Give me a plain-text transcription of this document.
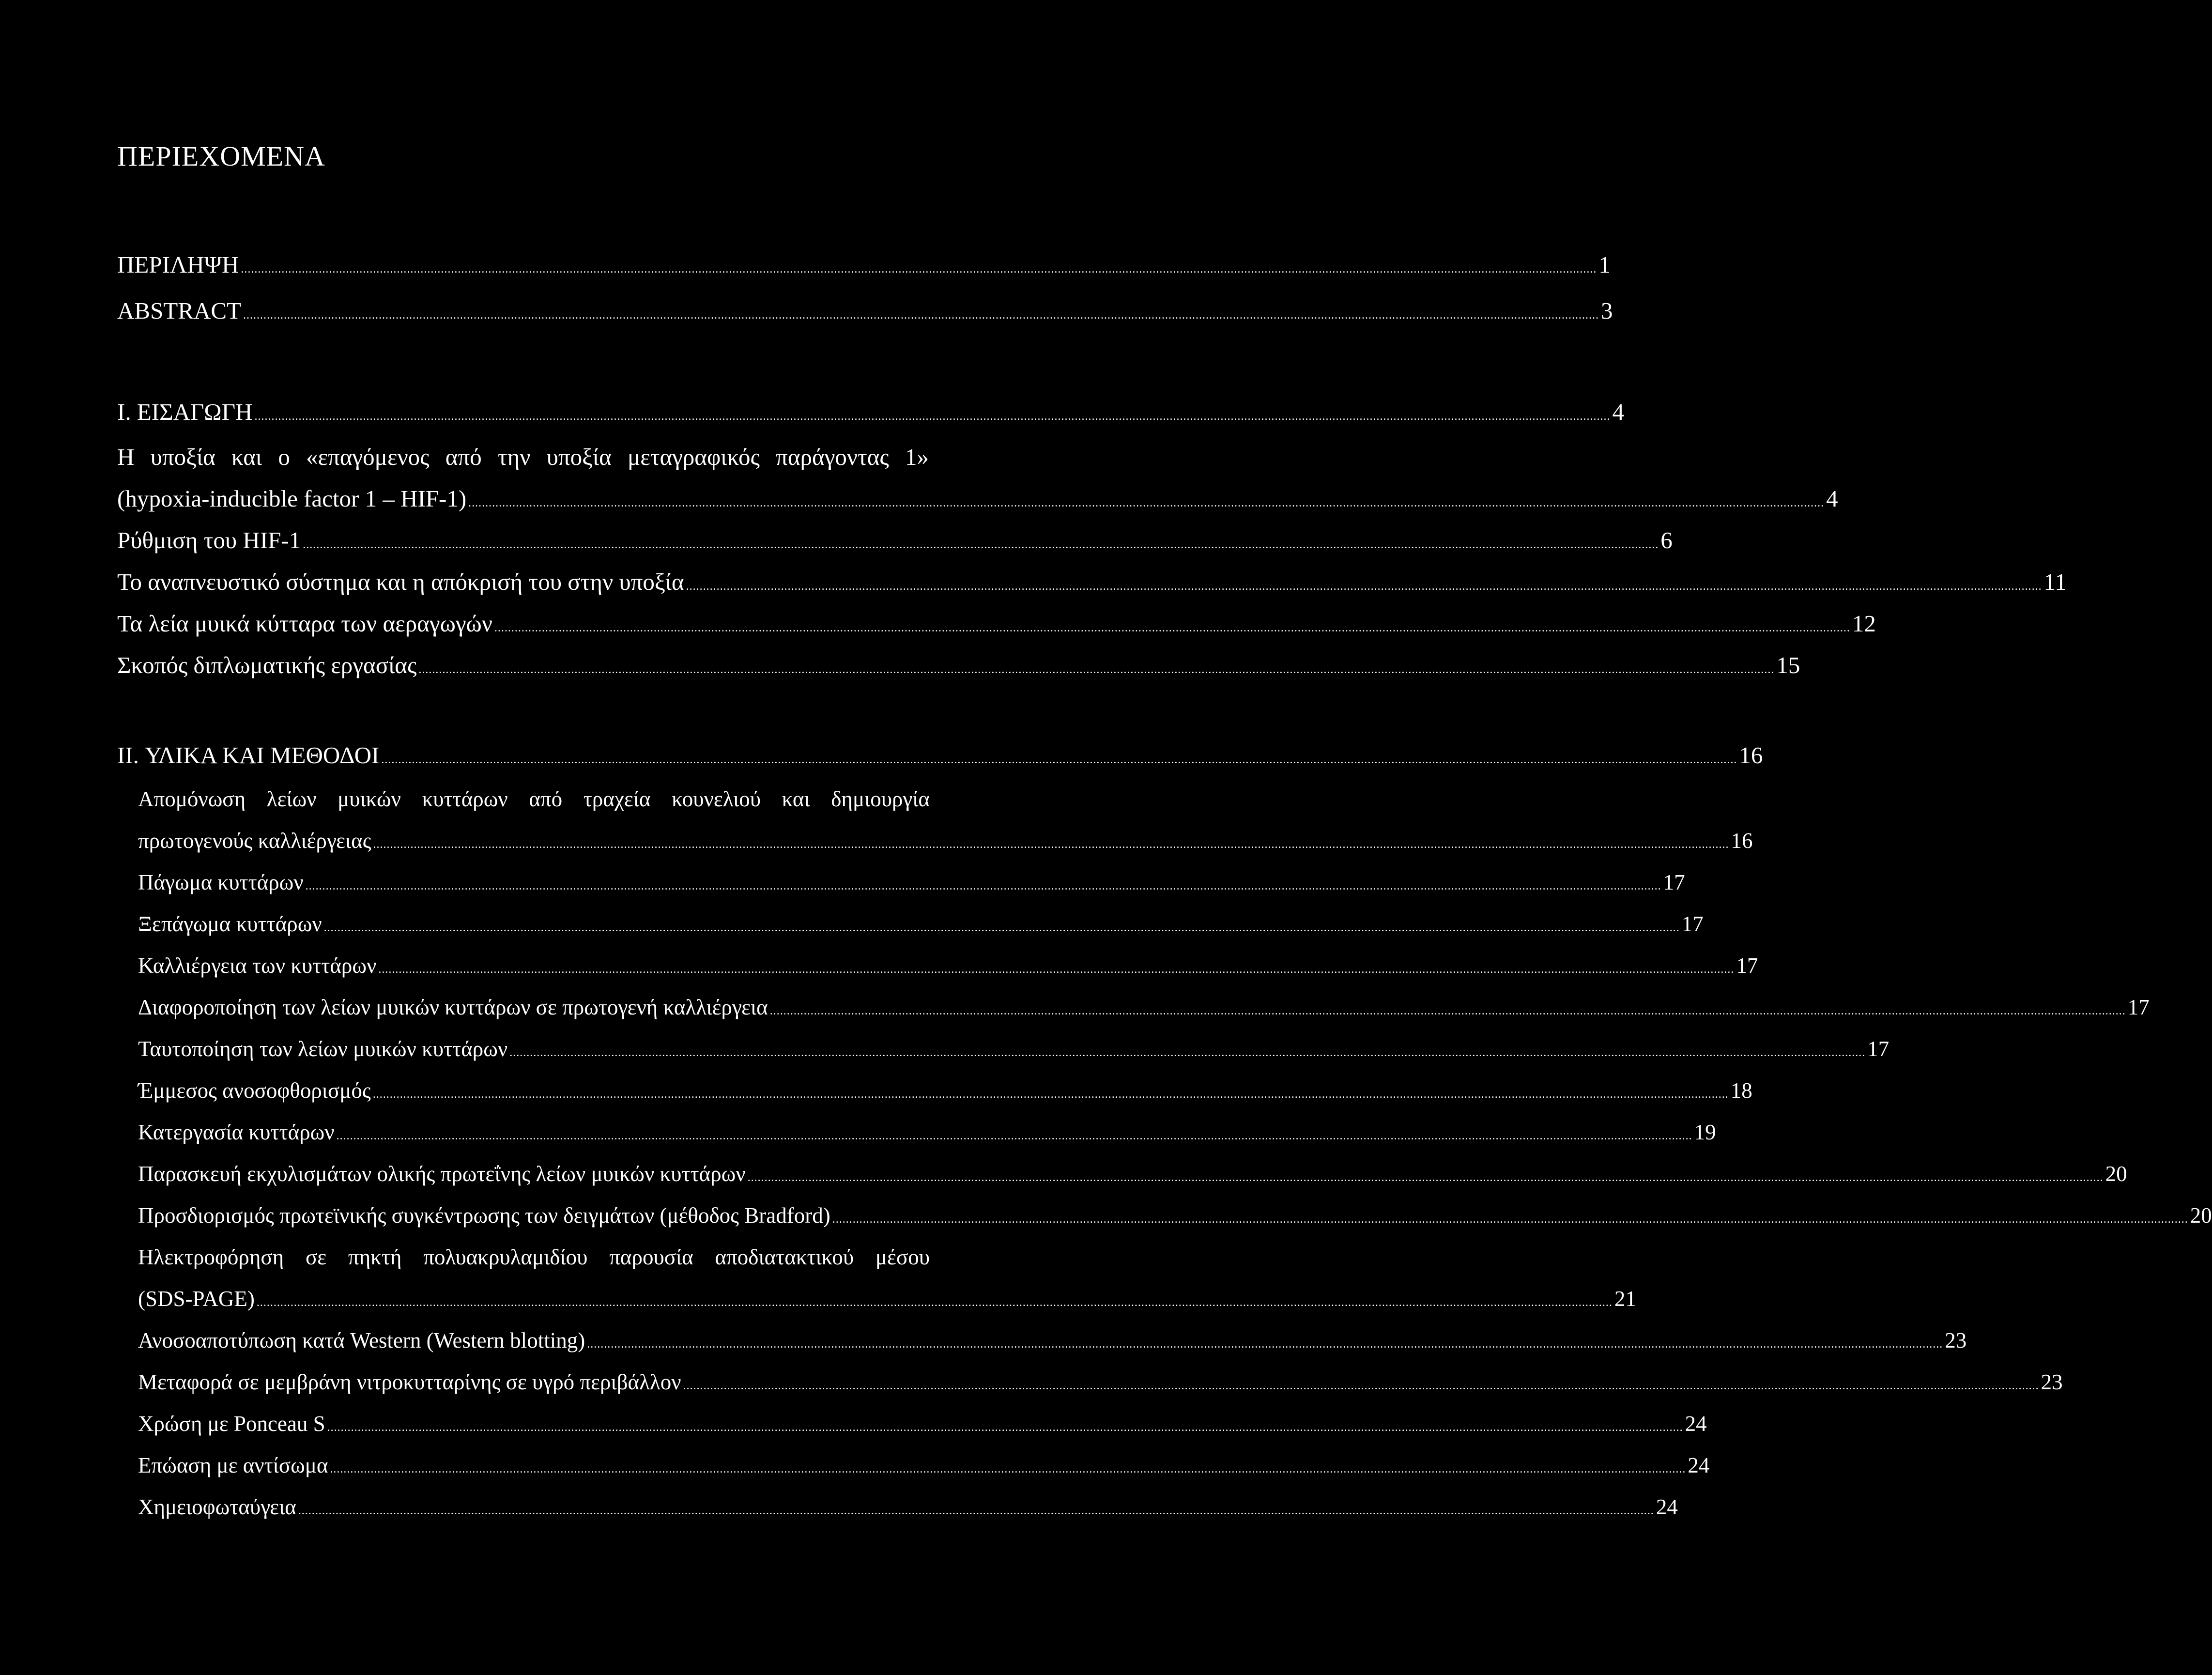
ΠΕΡΙΕΧΟΜΕΝΑ
ΠΕΡΙΛΗΨΗ ................................................................................................................................................................................................................................................................................................................................................................................................................ 1
ABSTRACT ................................................................................................................................................................................................................................................................................................................................................................................................................ 3
I. ΕΙΣΑΓΩΓΗ ................................................................................................................................................................................................................................................................................................................................................................................................................ 4
Η υποξία και ο «επαγόμενος από την υποξία μεταγραφικός παράγοντας 1»
(hypoxia-inducible factor 1 – HIF-1) ................................................................................................................................................................................................................................................................................................................................................................................................................ 4
Ρύθμιση του HIF-1 ................................................................................................................................................................................................................................................................................................................................................................................................................ 6
Το αναπνευστικό σύστημα και η απόκρισή του στην υποξία ................................................................................................................................................................................................................................................................................................................................................................................................................ 11
Τα λεία μυικά κύτταρα των αεραγωγών ................................................................................................................................................................................................................................................................................................................................................................................................................ 12
Σκοπός διπλωματικής εργασίας ................................................................................................................................................................................................................................................................................................................................................................................................................ 15
II. ΥΛΙΚΑ ΚΑΙ ΜΕΘΟΔΟΙ ................................................................................................................................................................................................................................................................................................................................................................................................................ 16
Απομόνωση λείων μυικών κυττάρων από τραχεία κουνελιού και δημιουργία
πρωτογενούς καλλιέργειας ................................................................................................................................................................................................................................................................................................................................................................................................................ 16
Πάγωμα κυττάρων ................................................................................................................................................................................................................................................................................................................................................................................................................ 17
Ξεπάγωμα κυττάρων ................................................................................................................................................................................................................................................................................................................................................................................................................ 17
Καλλιέργεια των κυττάρων ................................................................................................................................................................................................................................................................................................................................................................................................................ 17
Διαφοροποίηση των λείων μυικών κυττάρων σε πρωτογενή καλλιέργεια ................................................................................................................................................................................................................................................................................................................................................................................................................ 17
Ταυτοποίηση των λείων μυικών κυττάρων ................................................................................................................................................................................................................................................................................................................................................................................................................ 17
Έμμεσος ανοσοφθορισμός ................................................................................................................................................................................................................................................................................................................................................................................................................ 18
Κατεργασία κυττάρων ................................................................................................................................................................................................................................................................................................................................................................................................................ 19
Παρασκευή εκχυλισμάτων ολικής πρωτεΐνης λείων μυικών κυττάρων ................................................................................................................................................................................................................................................................................................................................................................................................................ 20
Προσδιορισμός πρωτεϊνικής συγκέντρωσης των δειγμάτων (μέθοδος Bradford) ................................................................................................................................................................................................................................................................................................................................................................................................................ 20
Ηλεκτροφόρηση σε πηκτή πολυακρυλαμιδίου παρουσία αποδιατακτικού μέσου
(SDS-PAGE) ................................................................................................................................................................................................................................................................................................................................................................................................................ 21
Ανοσοαποτύπωση κατά Western (Western blotting) ................................................................................................................................................................................................................................................................................................................................................................................................................ 23
Μεταφορά σε μεμβράνη νιτροκυτταρίνης σε υγρό περιβάλλον ................................................................................................................................................................................................................................................................................................................................................................................................................ 23
Χρώση με Ponceau S ................................................................................................................................................................................................................................................................................................................................................................................................................ 24
Επώαση με αντίσωμα ................................................................................................................................................................................................................................................................................................................................................................................................................ 24
Χημειοφωταύγεια ................................................................................................................................................................................................................................................................................................................................................................................................................ 24
